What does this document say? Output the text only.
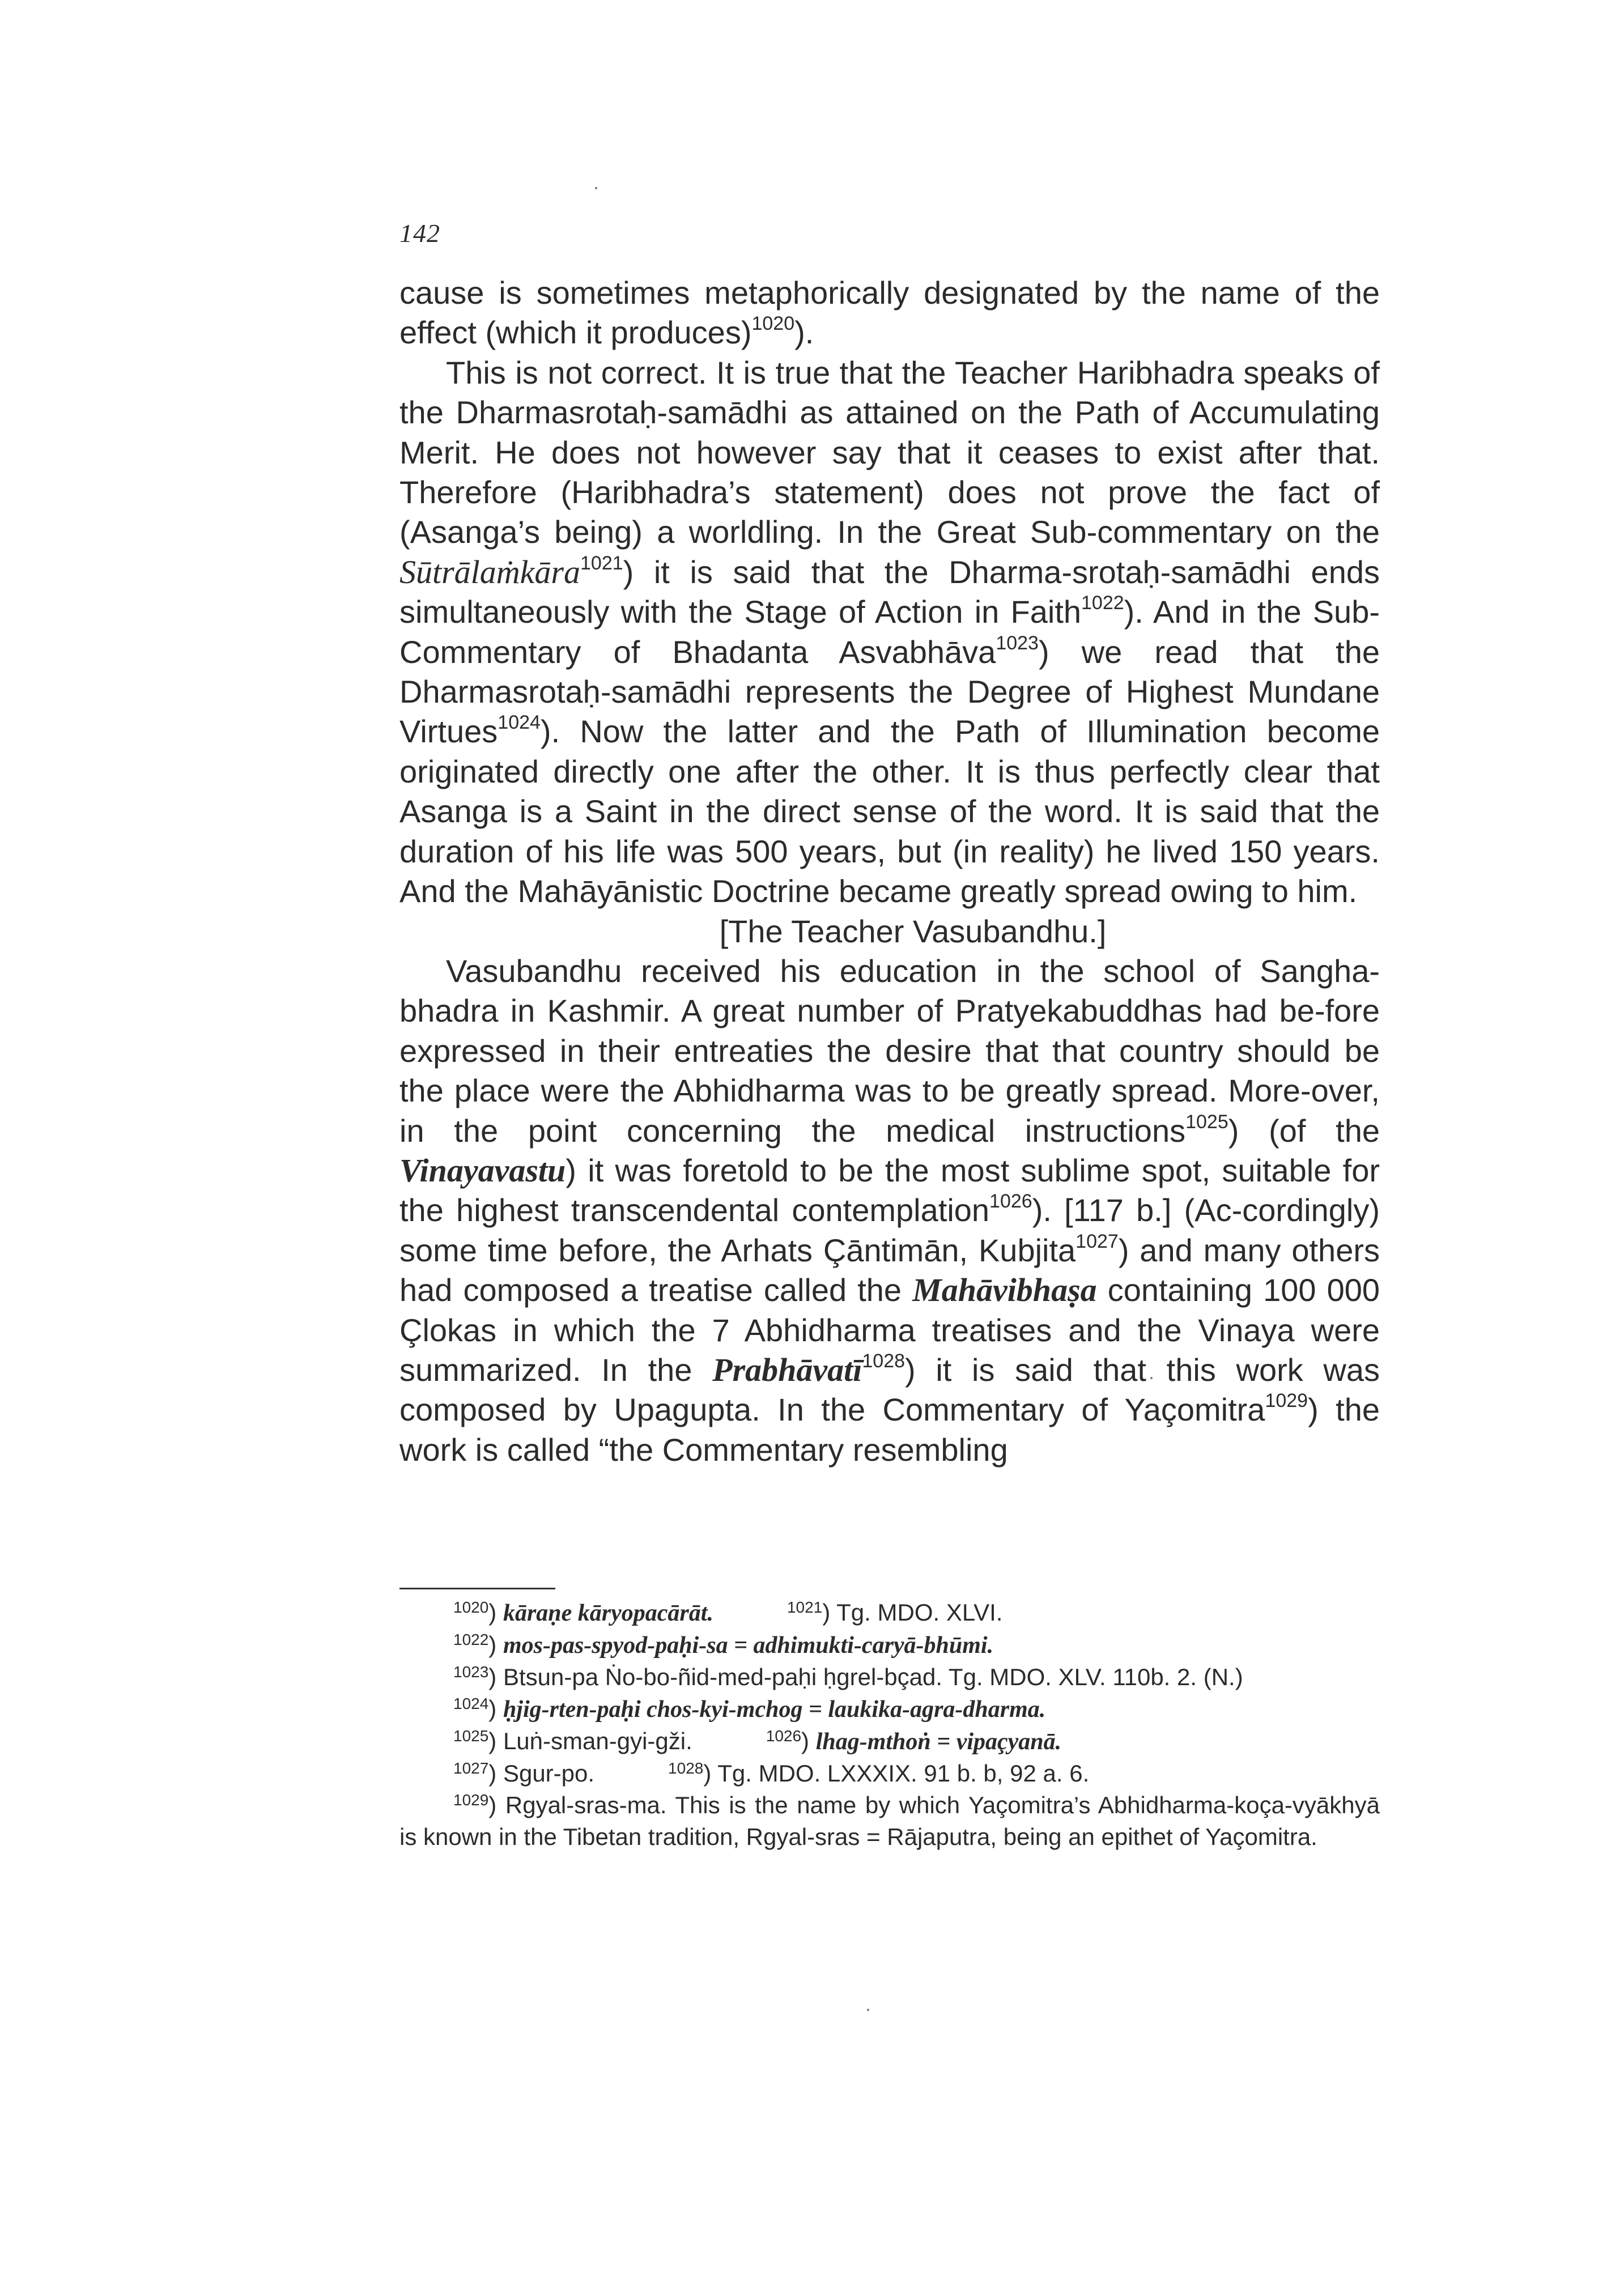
142

cause is sometimes metaphorically designated by the name of the effect (which it produces)$^{1020}$).

This is not correct. It is true that the Teacher Haribhadra speaks of the Dharmasrotaḥ-samādhi as attained on the Path of Accumulating Merit. He does not however say that it ceases to exist after that. Therefore (Haribhadra’s statement) does not prove the fact of (Asanga’s being) a worldling. In the Great Sub-commentary on the Sūtrālaṁkāra$^{1021}$) it is said that the Dharma-srotaḥ-samādhi ends simultaneously with the Stage of Action in Faith$^{1022}$). And in the Sub-Commentary of Bhadanta Asvabhāva$^{1023}$) we read that the Dharmasrotaḥ-samādhi represents the Degree of Highest Mundane Virtues$^{1024}$). Now the latter and the Path of Illumination become originated directly one after the other. It is thus perfectly clear that Asanga is a Saint in the direct sense of the word. It is said that the duration of his life was 500 years, but (in reality) he lived 150 years. And the Mahāyānistic Doctrine became greatly spread owing to him.

[The Teacher Vasubandhu.]

Vasubandhu received his education in the school of Sangha-bhadra in Kashmir. A great number of Pratyekabuddhas had be-fore expressed in their entreaties the desire that that country should be the place were the Abhidharma was to be greatly spread. More-over, in the point concerning the medical instructions$^{1025}$) (of the Vinayavastu) it was foretold to be the most sublime spot, suitable for the highest transcendental contemplation$^{1026}$). [117 b.] (Ac-cordingly) some time before, the Arhats Çāntimān, Kubjita$^{1027}$) and many others had composed a treatise called the Mahāvibhaṣa containing 100 000 Çlokas in which the 7 Abhidharma treatises and the Vinaya were summarized. In the Prabhāvatī$^{1028}$) it is said that this work was composed by Upagupta. In the Commentary of Yaçomitra$^{1029}$) the work is called “the Commentary resembling

$^{1020}$) kāraṇe kāryopacārāt.	$^{1021}$) Tg. MDO. XLVI.
$^{1022}$) mos-pas-spyod-paḥi-sa = adhimukti-caryā-bhūmi.
$^{1023}$) Btsun-pa Ṅo-bo-ñid-med-paḥi ḥgrel-bçad. Tg. MDO. XLV. 110b. 2. (N.)
$^{1024}$) ḥjig-rten-paḥi chos-kyi-mchog = laukika-agra-dharma.
$^{1025}$) Luṅ-sman-gyi-gži.	$^{1026}$) lhag-mthoṅ = vipaçyanā.
$^{1027}$) Sgur-po.	$^{1028}$) Tg. MDO. LXXXIX. 91 b. b, 92 a. 6.
$^{1029}$) Rgyal-sras-ma. This is the name by which Yaçomitra’s Abhidharma-koça-vyākhyā is known in the Tibetan tradition, Rgyal-sras = Rājaputra, being an epithet of Yaçomitra.
